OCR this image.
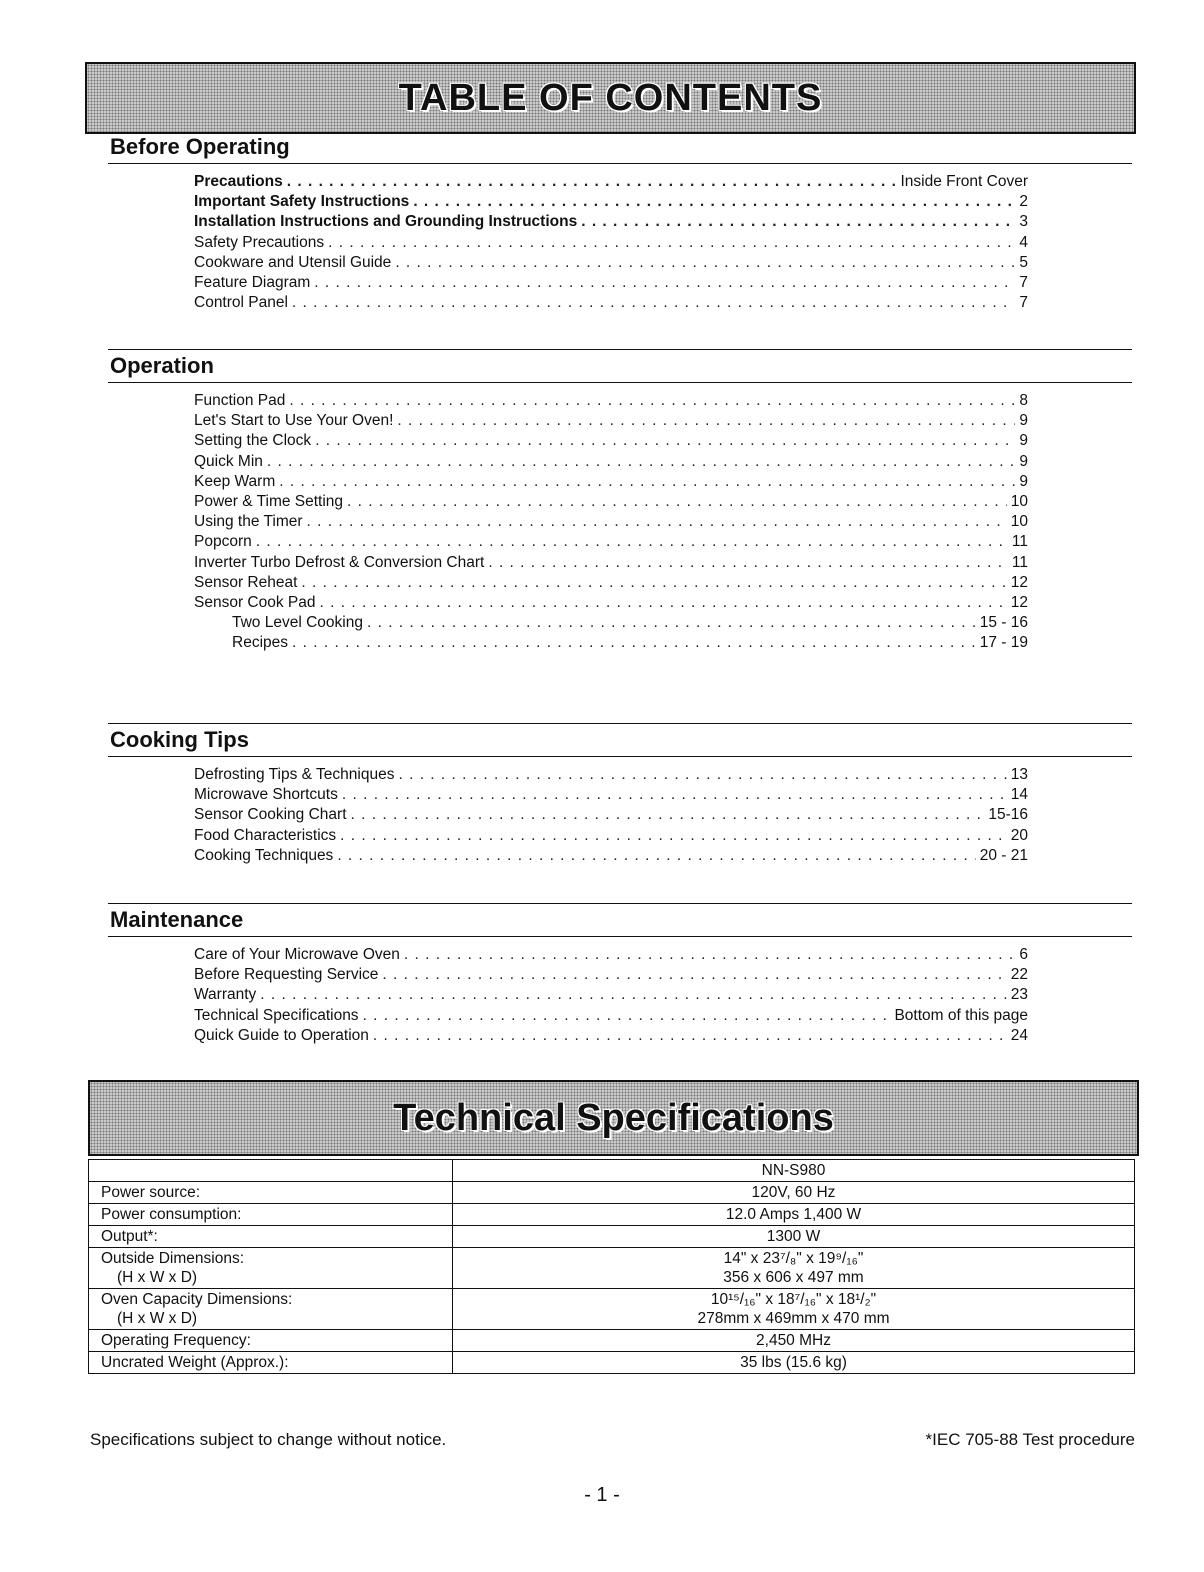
TABLE OF CONTENTS
Before Operating
Precautions . . .	Inside Front Cover
Important Safety Instructions . . .	2
Installation Instructions and Grounding Instructions . . .	3
Safety Precautions . . .	4
Cookware and Utensil Guide . . .	5
Feature Diagram . . .	7
Control Panel . . .	7
Operation
Function Pad . . .	8
Let's Start to Use Your Oven! . . .	9
Setting the Clock . . .	9
Quick Min . . .	9
Keep Warm . . .	9
Power & Time Setting . . .	10
Using the Timer . . .	10
Popcorn . . .	11
Inverter Turbo Defrost & Conversion Chart . . .	11
Sensor Reheat . . .	12
Sensor Cook Pad . . .	12
Two Level Cooking . . .	15 - 16
Recipes . . .	17 - 19
Cooking Tips
Defrosting Tips & Techniques . . .	13
Microwave Shortcuts . . .	14
Sensor Cooking Chart . . .	15-16
Food Characteristics . . .	20
Cooking Techniques . . .	20 - 21
Maintenance
Care of Your Microwave Oven . . .	6
Before Requesting Service . . .	22
Warranty . . .	23
Technical Specifications . . .	Bottom of this page
Quick Guide to Operation . . .	24
Technical Specifications
	NN-S980

Power source:	120V, 60 Hz

Power consumption:	12.0 Amps 1,400 W

Output*:	1300 W

Outside Dimensions:
(H x W x D)	14" x 23⁷/₈" x 19⁹/₁₆"
356 x 606 x 497 mm

Oven Capacity Dimensions:
(H x W x D)	10¹⁵/₁₆" x 18⁷/₁₆" x 18¹/₂"
278mm x 469mm x 470 mm

Operating Frequency:	2,450 MHz

Uncrated Weight (Approx.):	35 lbs (15.6 kg)
Specifications subject to change without notice.	*IEC 705-88 Test procedure
- 1 -
